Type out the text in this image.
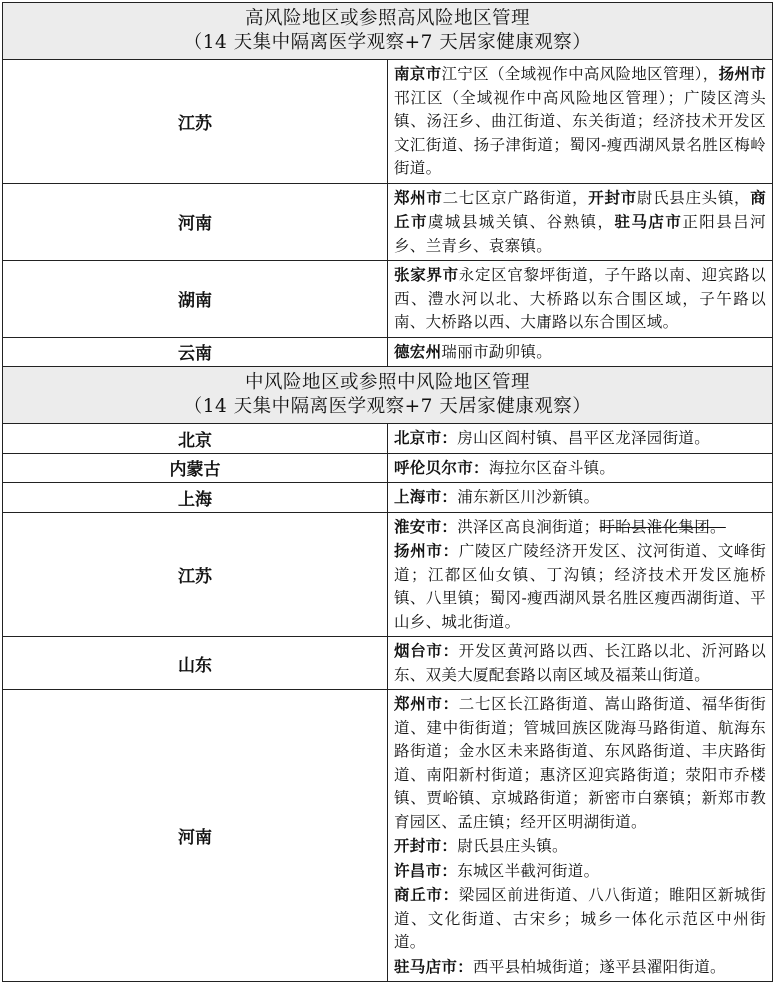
高风险地区或参照高风险地区管理
（14 天集中隔离医学观察+7 天居家健康观察）	

江苏	南京市江宁区（全域视作中高风险地区管理），扬州市邗江区（全域视作中高风险地区管理）；广陵区湾头镇、汤汪乡、曲江街道、东关街道；经济技术开发区文汇街道、扬子津街道；蜀冈-瘦西湖风景名胜区梅岭街道。
河南	郑州市二七区京广路街道，开封市尉氏县庄头镇，商丘市虞城县城关镇、谷熟镇，驻马店市正阳县吕河乡、兰青乡、袁寨镇。
湖南	张家界市永定区官黎坪街道，子午路以南、迎宾路以西、澧水河以北、大桥路以东合围区域，子午路以南、大桥路以西、大庸路以东合围区域。
云南	德宏州瑞丽市勐卯镇。

中风险地区或参照中风险地区管理
（14 天集中隔离医学观察+7 天居家健康观察）	

北京	北京市：房山区阎村镇、昌平区龙泽园街道。

内蒙古	呼伦贝尔市：海拉尔区奋斗镇。

上海	上海市：浦东新区川沙新镇。

江苏	淮安市：洪泽区高良涧街道；盱眙县淮化集团。
扬州市：广陵区广陵经济开发区、汶河街道、文峰街道；江都区仙女镇、丁沟镇；经济技术开发区施桥镇、八里镇；蜀冈-瘦西湖风景名胜区瘦西湖街道、平山乡、城北街道。

山东	烟台市：开发区黄河路以西、长江路以北、沂河路以东、双美大厦配套路以南区域及福莱山街道。

河南	郑州市：二七区长江路街道、嵩山路街道、福华街街道、建中街街道；管城回族区陇海马路街道、航海东路街道；金水区未来路街道、东风路街道、丰庆路街道、南阳新村街道；惠济区迎宾路街道；荥阳市乔楼镇、贾峪镇、京城路街道；新密市白寨镇；新郑市教育园区、孟庄镇；经开区明湖街道。
开封市：尉氏县庄头镇。
许昌市：东城区半截河街道。
商丘市：梁园区前进街道、八八街道；睢阳区新城街道、文化街道、古宋乡；城乡一体化示范区中州街道。
驻马店市：西平县柏城街道；遂平县濯阳街道。
